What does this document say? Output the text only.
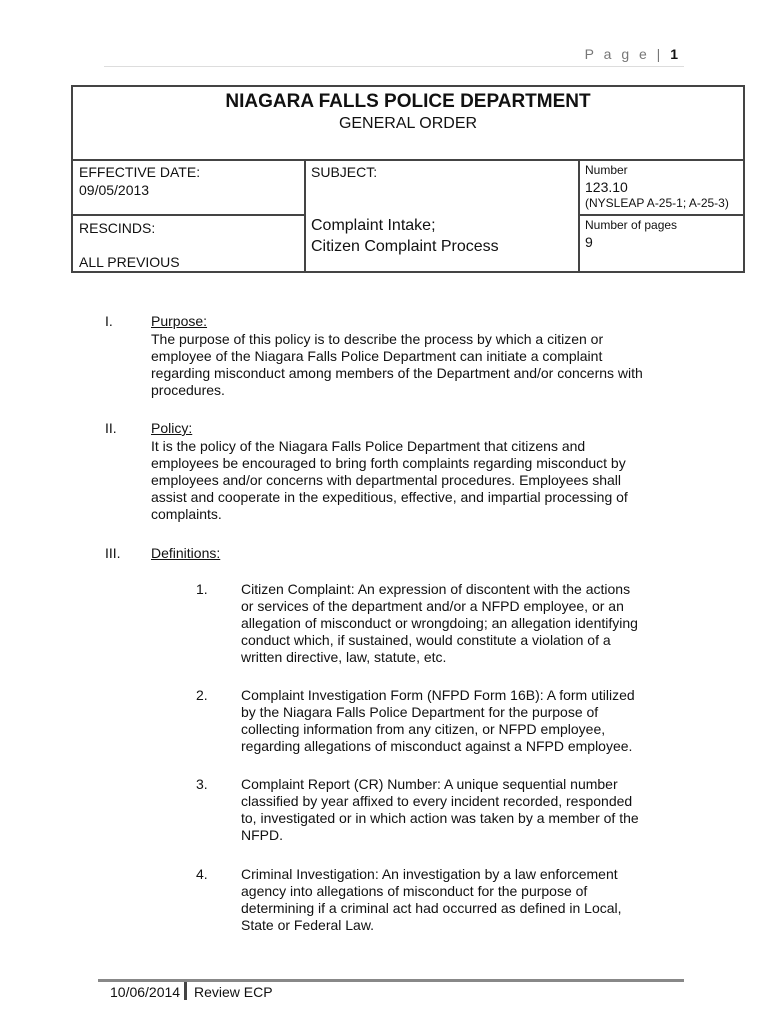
P a g e | 1
NIAGARA FALLS POLICE DEPARTMENT
GENERAL ORDER
EFFECTIVE DATE:
09/05/2013
SUBJECT:
Complaint Intake;
Citizen Complaint Process
Number
123.10
(NYSLEAP A-25-1; A-25-3)
RESCINDS:
ALL PREVIOUS
Number of pages
9
I.	Purpose:
The purpose of this policy is to describe the process by which a citizen or
employee of the Niagara Falls Police Department can initiate a complaint
regarding misconduct among members of the Department and/or concerns with
procedures.
II. Policy:
It is the policy of the Niagara Falls Police Department that citizens and
employees be encouraged to bring forth complaints regarding misconduct by
employees and/or concerns with departmental procedures. Employees shall
assist and cooperate in the expeditious, effective, and impartial processing of
complaints.
III. Definitions:
1. Citizen Complaint: An expression of discontent with the actions
or services of the department and/or a NFPD employee, or an
allegation of misconduct or wrongdoing; an allegation identifying
conduct which, if sustained, would constitute a violation of a
written directive, law, statute, etc.
2. Complaint Investigation Form (NFPD Form 16B): A form utilized
by the Niagara Falls Police Department for the purpose of
collecting information from any citizen, or NFPD employee,
regarding allegations of misconduct against a NFPD employee.
3. Complaint Report (CR) Number: A unique sequential number
classified by year affixed to every incident recorded, responded
to, investigated or in which action was taken by a member of the
NFPD.
4. Criminal Investigation: An investigation by a law enforcement
agency into allegations of misconduct for the purpose of
determining if a criminal act had occurred as defined in Local,
State or Federal Law.
10/06/2014 Review ECP
